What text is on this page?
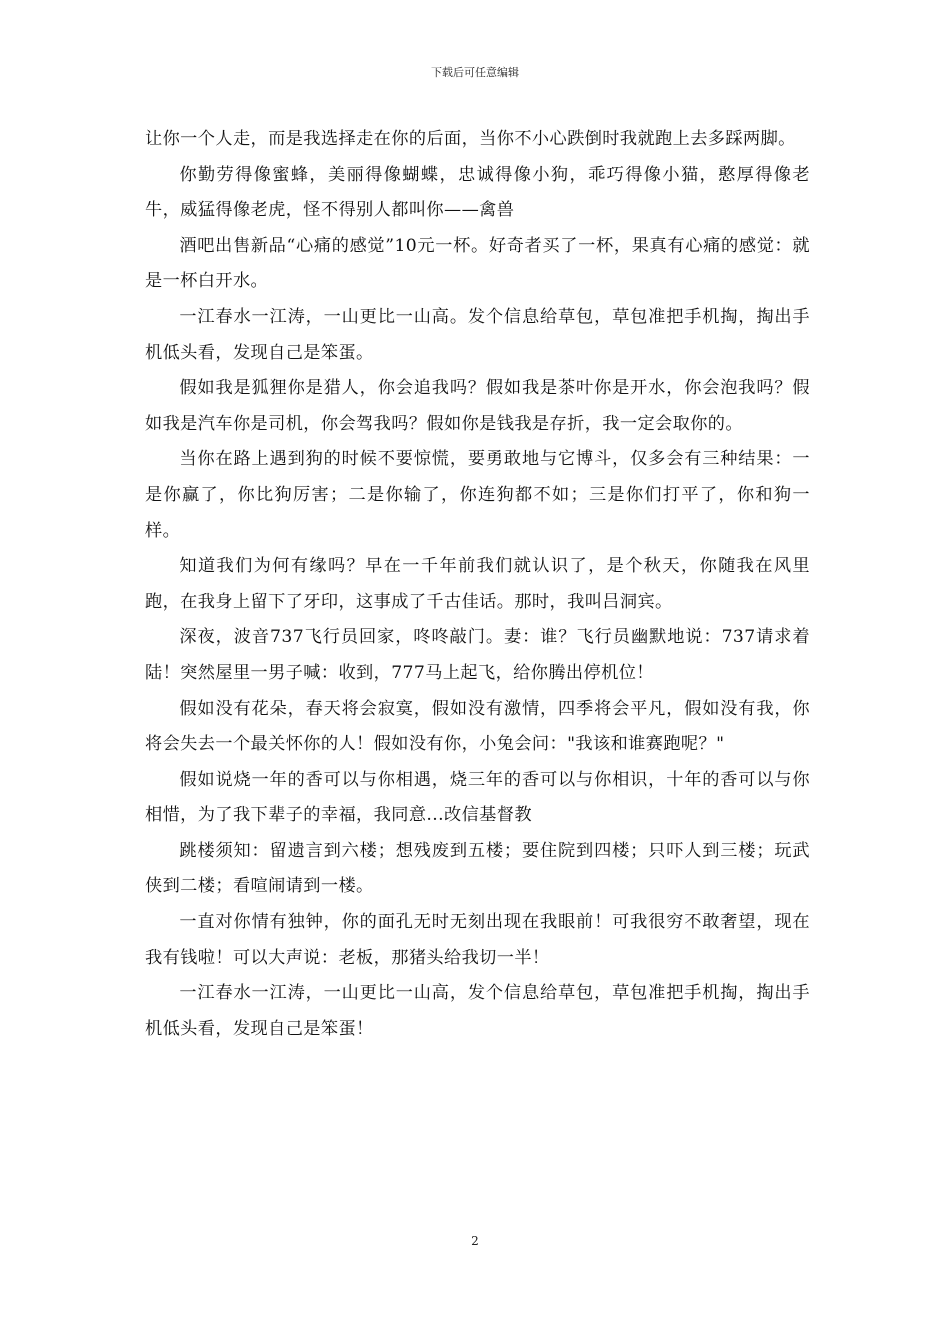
下载后可任意编辑

让你一个人走，而是我选择走在你的后面，当你不小心跌倒时我就跑上去多踩两脚。

你勤劳得像蜜蜂，美丽得像蝴蝶，忠诚得像小狗，乖巧得像小猫，憨厚得像老牛，威猛得像老虎，怪不得别人都叫你——禽兽

酒吧出售新品“心痛的感觉”10元一杯。好奇者买了一杯，果真有心痛的感觉：就是一杯白开水。

一江春水一江涛，一山更比一山高。发个信息给草包，草包准把手机掏，掏出手机低头看，发现自己是笨蛋。

假如我是狐狸你是猎人，你会追我吗？假如我是茶叶你是开水，你会泡我吗？假如我是汽车你是司机，你会驾我吗？假如你是钱我是存折，我一定会取你的。

当你在路上遇到狗的时候不要惊慌，要勇敢地与它博斗，仅多会有三种结果：一是你赢了，你比狗厉害；二是你输了，你连狗都不如；三是你们打平了，你和狗一样。

知道我们为何有缘吗？早在一千年前我们就认识了，是个秋天，你随我在风里跑，在我身上留下了牙印，这事成了千古佳话。那时，我叫吕洞宾。

深夜，波音737飞行员回家，咚咚敲门。妻：谁？飞行员幽默地说：737请求着陆！突然屋里一男子喊：收到，777马上起飞，给你腾出停机位！

假如没有花朵，春天将会寂寞，假如没有激情，四季将会平凡，假如没有我，你将会失去一个最关怀你的人！假如没有你，小兔会问："我该和谁赛跑呢？"

假如说烧一年的香可以与你相遇，烧三年的香可以与你相识，十年的香可以与你相惜，为了我下辈子的幸福，我同意...改信基督教

跳楼须知：留遗言到六楼；想残废到五楼；要住院到四楼；只吓人到三楼；玩武侠到二楼；看喧闹请到一楼。

一直对你情有独钟，你的面孔无时无刻出现在我眼前！可我很穷不敢奢望，现在我有钱啦！可以大声说：老板，那猪头给我切一半！

一江春水一江涛，一山更比一山高，发个信息给草包，草包准把手机掏，掏出手机低头看，发现自己是笨蛋！

2
